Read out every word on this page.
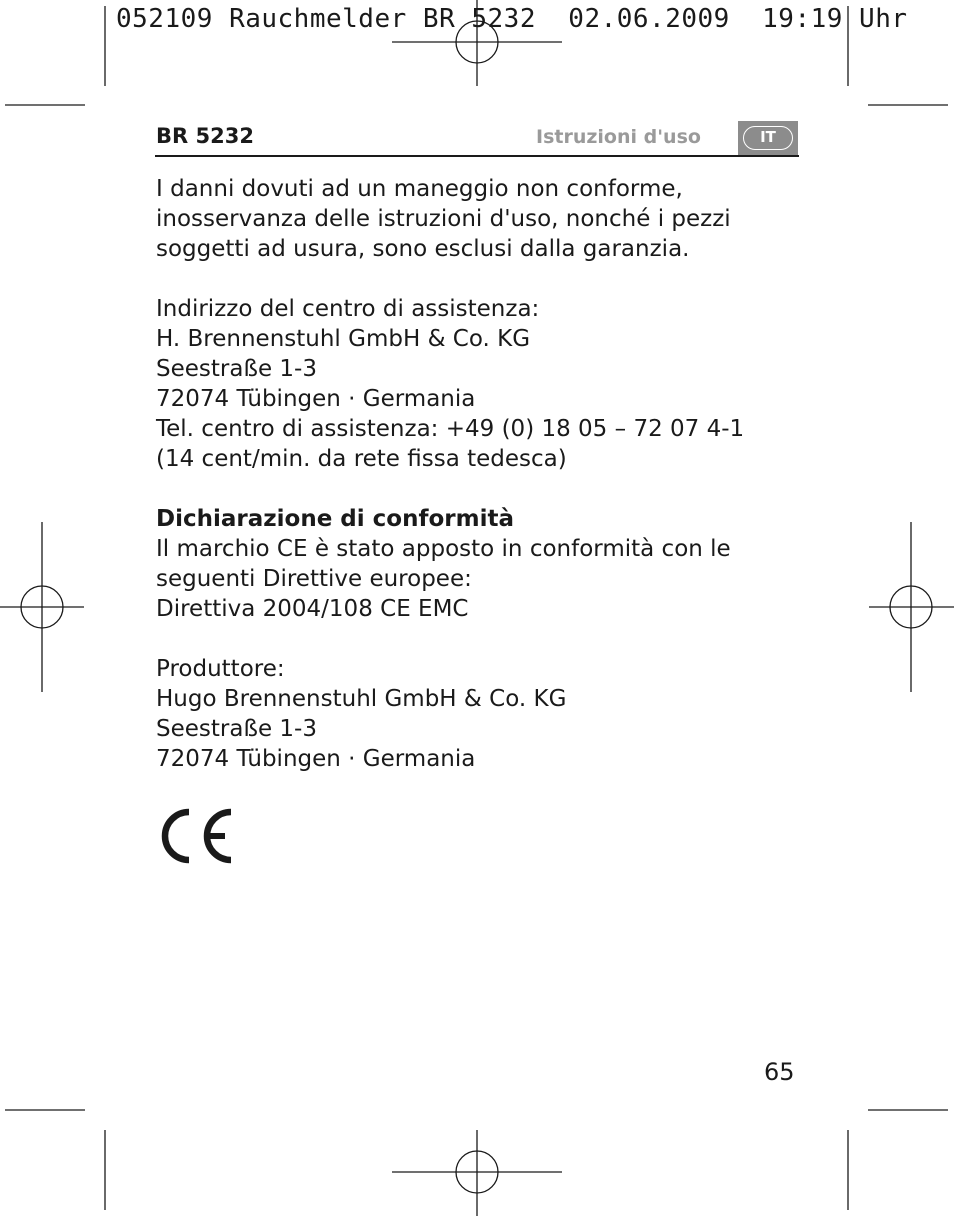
052109 Rauchmelder BR 5232  02.06.2009  19:19 Uhr
BR 5232	Istruzioni d'uso	IT

I danni dovuti ad un maneggio non conforme,
inosservanza delle istruzioni d'uso, nonché i pezzi
soggetti ad usura, sono esclusi dalla garanzia.

Indirizzo del centro di assistenza:
H. Brennenstuhl GmbH & Co. KG
Seestraße 1-3
72074 Tübingen · Germania
Tel. centro di assistenza: +49 (0) 18 05 – 72 07 4-1
(14 cent/min. da rete fissa tedesca)

Dichiarazione di conformità
Il marchio CE è stato apposto in conformità con le
seguenti Direttive europee:
Direttiva 2004/108 CE EMC

Produttore:
Hugo Brennenstuhl GmbH & Co. KG
Seestraße 1-3
72074 Tübingen · Germania

65
